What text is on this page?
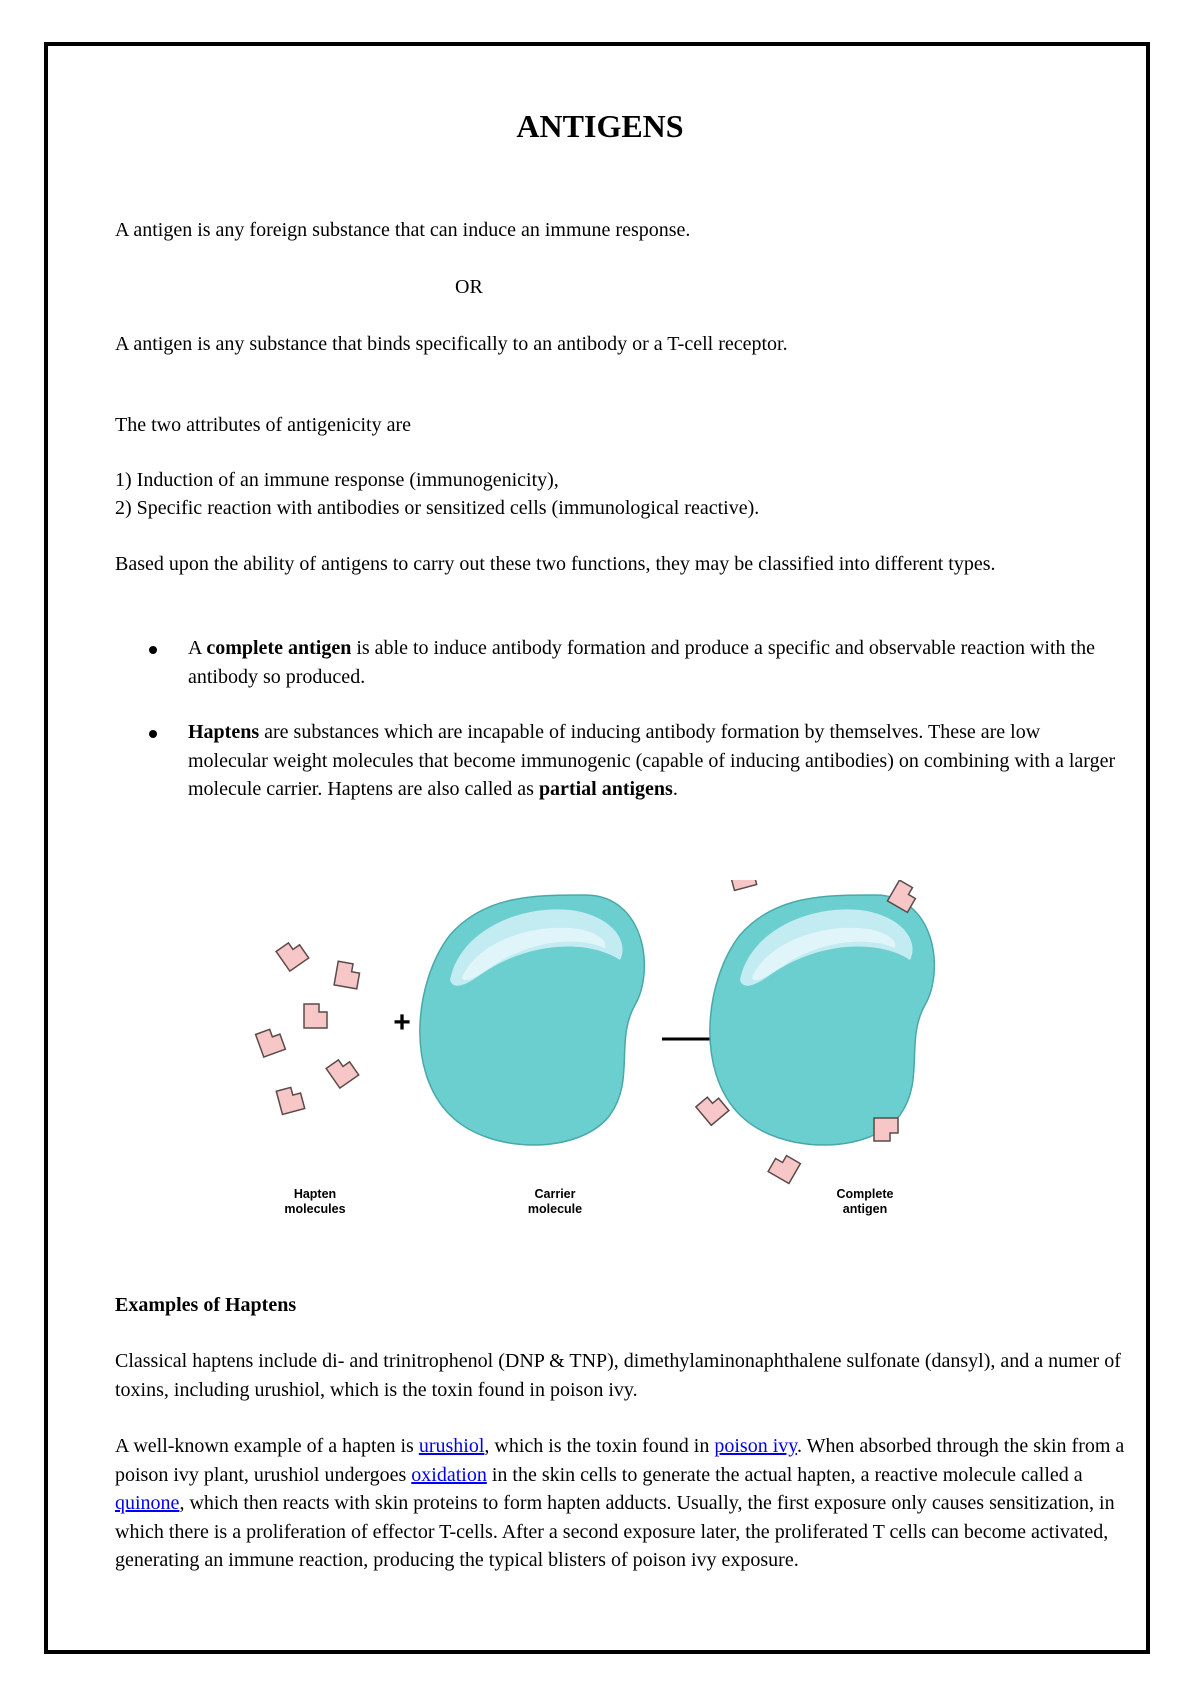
ANTIGENS
A antigen is any foreign substance that can induce an immune response.
OR
A antigen is any substance that binds specifically to an antibody or a T-cell receptor.
The two attributes of antigenicity are
1) Induction of an immune response (immunogenicity),
2) Specific reaction with antibodies or sensitized cells (immunological reactive).
Based upon the ability of antigens to carry out these two functions, they may be classified into different types.
A complete antigen is able to induce antibody formation and produce a specific and observable reaction with the antibody so produced.
Haptens are substances which are incapable of inducing antibody formation by themselves. These are low molecular weight molecules that become immunogenic (capable of inducing antibodies) on combining with a larger molecule carrier. Haptens are also called as partial antigens.
+
Hapten
molecules
Carrier
molecule
Complete
antigen
Examples of Haptens
Classical haptens include di- and trinitrophenol (DNP & TNP), dimethylaminonaphthalene sulfonate (dansyl), and a numer of toxins, including urushiol, which is the toxin found in poison ivy.
A well-known example of a hapten is urushiol, which is the toxin found in poison ivy. When absorbed through the skin from a poison ivy plant, urushiol undergoes oxidation in the skin cells to generate the actual hapten, a reactive molecule called a quinone, which then reacts with skin proteins to form hapten adducts. Usually, the first exposure only causes sensitization, in which there is a proliferation of effector T-cells. After a second exposure later, the proliferated T cells can become activated, generating an immune reaction, producing the typical blisters of poison ivy exposure.
